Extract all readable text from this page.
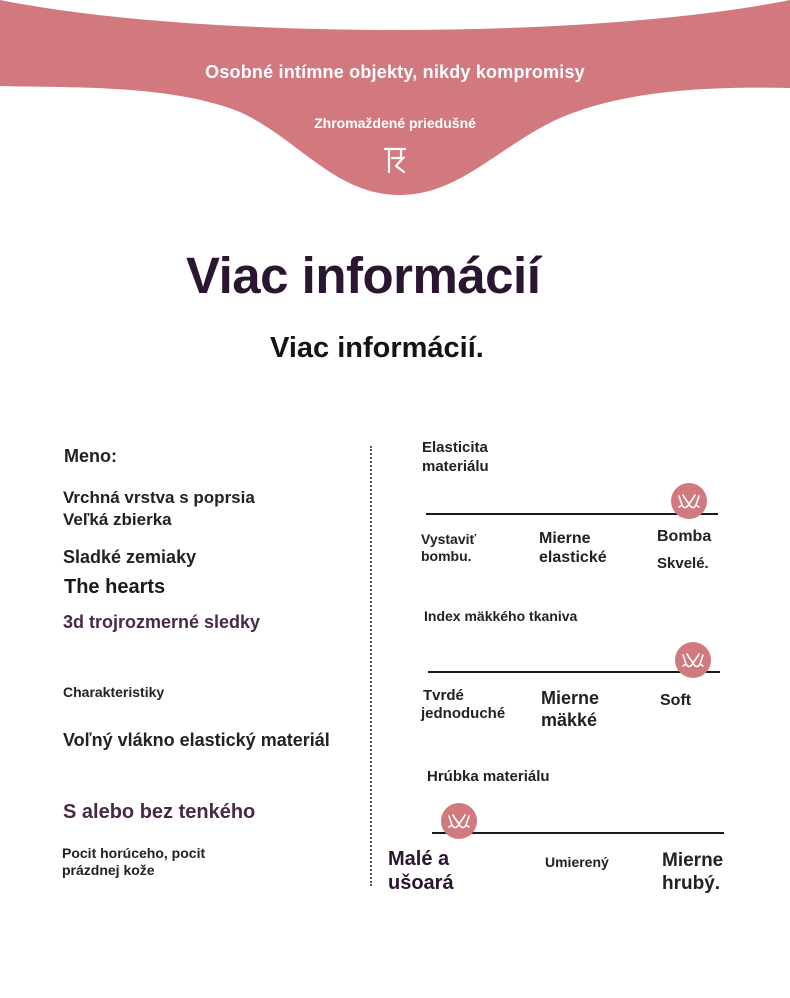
Osobné intímne objekty, nikdy kompromisy
Zhromaždené priedušné
Viac informácií
Viac informácií.
Meno:
Vrchná vrstva s poprsia
Veľká zbierka
Sladké zemiaky
The hearts
3d trojrozmerné sledky
Charakteristiky
Voľný vlákno elastický materiál
S alebo bez tenkého
Pocit horúceho, pocit
prázdnej kože
Elasticita
materiálu
Vystaviť
bombu.
Mierne
elastické
Bomba
Skvelé.
Index mäkkého tkaniva
Tvrdé
jednoduché
Mierne
mäkké
Soft
Hrúbka materiálu
Malé a
ušoará
Umierený	Mierne
hrubý.
